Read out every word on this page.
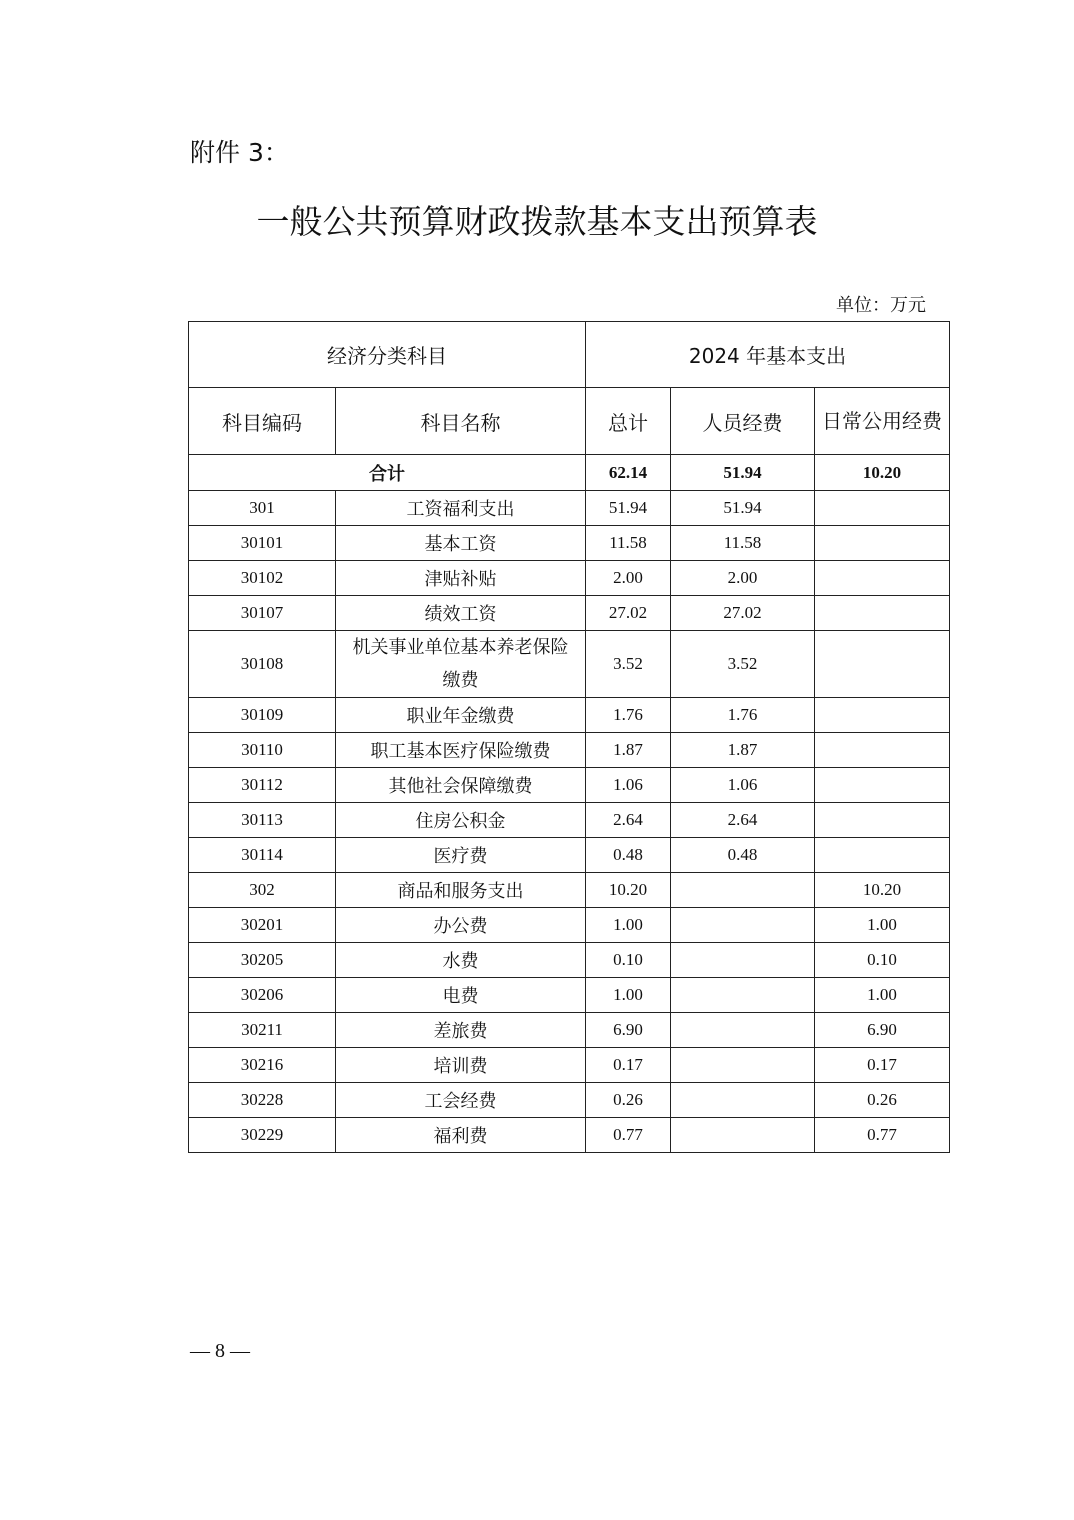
附件 3：
一般公共预算财政拨款基本支出预算表
单位：万元
经济分类科目		2024 年基本支出		
科目编码	科目名称	总计	人员经费	日常公用经费
合计		62.14	51.94	10.20
301	工资福利支出	51.94	51.94	
30101	基本工资	11.58	11.58	
30102	津贴补贴	2.00	2.00	
30107	绩效工资	27.02	27.02	
30108	机关事业单位基本养老保险缴费	3.52	3.52	
30109	职业年金缴费	1.76	1.76	
30110	职工基本医疗保险缴费	1.87	1.87	
30112	其他社会保障缴费	1.06	1.06	
30113	住房公积金	2.64	2.64	
30114	医疗费	0.48	0.48	
302	商品和服务支出	10.20		10.20
30201	办公费	1.00		1.00
30205	水费	0.10		0.10
30206	电费	1.00		1.00
30211	差旅费	6.90		6.90
30216	培训费	0.17		0.17
30228	工会经费	0.26		0.26
30229	福利费	0.77		0.77
— 8 —
